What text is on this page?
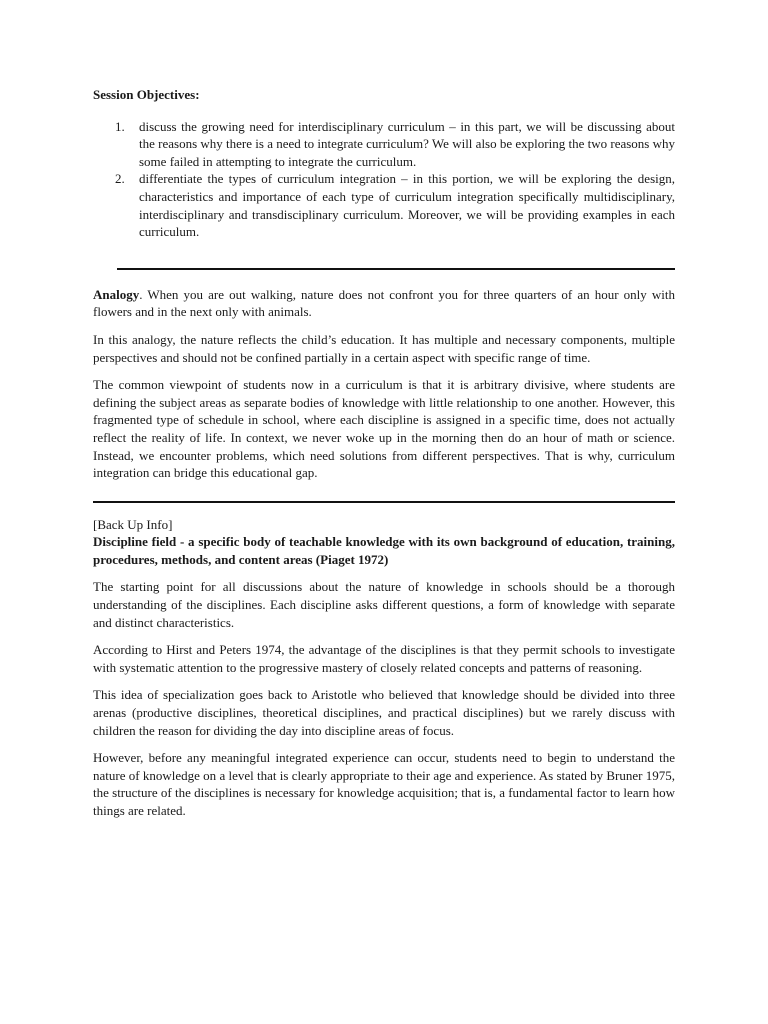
Session Objectives:

1.	discuss the growing need for interdisciplinary curriculum – in this part, we will be discussing about the reasons why there is a need to integrate curriculum? We will also be exploring the two reasons why some failed in attempting to integrate the curriculum.
2.	differentiate the types of curriculum integration – in this portion, we will be exploring the design, characteristics and importance of each type of curriculum integration specifically multidisciplinary, interdisciplinary and transdisciplinary curriculum. Moreover, we will be providing examples in each curriculum.

Analogy. When you are out walking, nature does not confront you for three quarters of an hour only with flowers and in the next only with animals.

In this analogy, the nature reflects the child’s education. It has multiple and necessary components, multiple perspectives and should not be confined partially in a certain aspect with specific range of time.

The common viewpoint of students now in a curriculum is that it is arbitrary divisive, where students are defining the subject areas as separate bodies of knowledge with little relationship to one another. However, this fragmented type of schedule in school, where each discipline is assigned in a specific time, does not actually reflect the reality of life. In context, we never woke up in the morning then do an hour of math or science. Instead, we encounter problems, which need solutions from different perspectives. That is why, curriculum integration can bridge this educational gap.

[Back Up Info]

Discipline field - a specific body of teachable knowledge with its own background of education, training, procedures, methods, and content areas (Piaget 1972)

The starting point for all discussions about the nature of knowledge in schools should be a thorough understanding of the disciplines. Each discipline asks different questions, a form of knowledge with separate and distinct characteristics.

According to Hirst and Peters 1974, the advantage of the disciplines is that they permit schools to investigate with systematic attention to the progressive mastery of closely related concepts and patterns of reasoning.

This idea of specialization goes back to Aristotle who believed that knowledge should be divided into three arenas (productive disciplines, theoretical disciplines, and practical disciplines) but we rarely discuss with children the reason for dividing the day into discipline areas of focus.

However, before any meaningful integrated experience can occur, students need to begin to understand the nature of knowledge on a level that is clearly appropriate to their age and experience. As stated by Bruner 1975, the structure of the disciplines is necessary for knowledge acquisition; that is, a fundamental factor to learn how things are related.
